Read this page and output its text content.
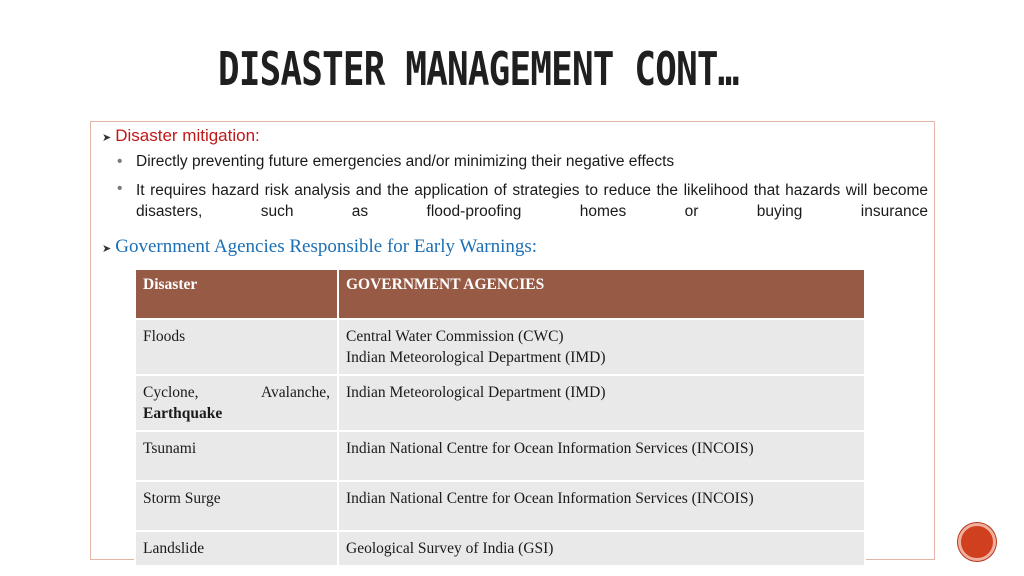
DISASTER MANAGEMENT CONT…
➤ Disaster mitigation:
• Directly preventing future emergencies and/or minimizing their negative effects
• It requires hazard risk analysis and the application of strategies to reduce the likelihood that hazards will become disasters, such as flood-proofing homes or buying insurance
➤ Government Agencies Responsible for Early Warnings:
Disaster	GOVERNMENT AGENCIES
Floods	Central Water Commission (CWC)
Indian Meteorological Department (IMD)

Cyclone, Avalanche,
Earthquake	Indian Meteorological Department (IMD)
Tsunami	Indian National Centre for Ocean Information Services (INCOIS)
Storm Surge	Indian National Centre for Ocean Information Services (INCOIS)
Landslide	Geological Survey of India (GSI)
